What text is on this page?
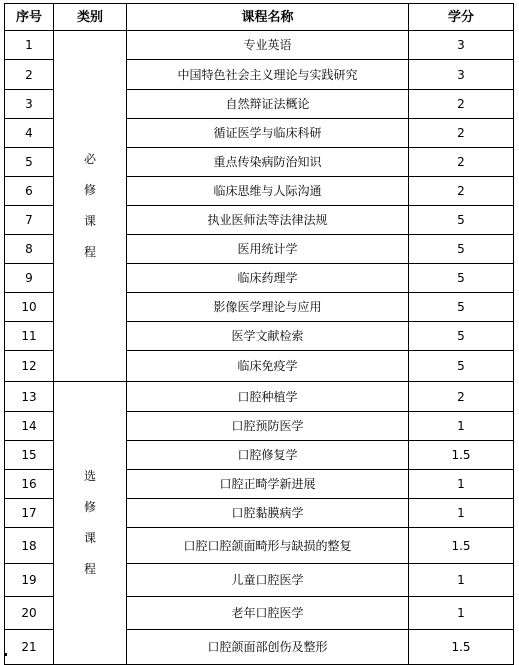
序号	类别	课程名称	学分
1	必修课程	专业英语	3
2		中国特色社会主义理论与实践研究	3
3		自然辩证法概论	2
4		循证医学与临床科研	2
5		重点传染病防治知识	2
6		临床思维与人际沟通	2
7		执业医师法等法律法规	5
8		医用统计学	5
9		临床药理学	5
10		影像医学理论与应用	5
11		医学文献检索	5
12		临床免疫学	5
13	选修课程	口腔种植学	2
14		口腔预防医学	1
15		口腔修复学	1.5
16		口腔正畸学新进展	1
17		口腔黏膜病学	1
18		口腔口腔颌面畸形与缺损的整复	1.5
19		儿童口腔医学	1
20		老年口腔医学	1
21		口腔颌面部创伤及整形	1.5
